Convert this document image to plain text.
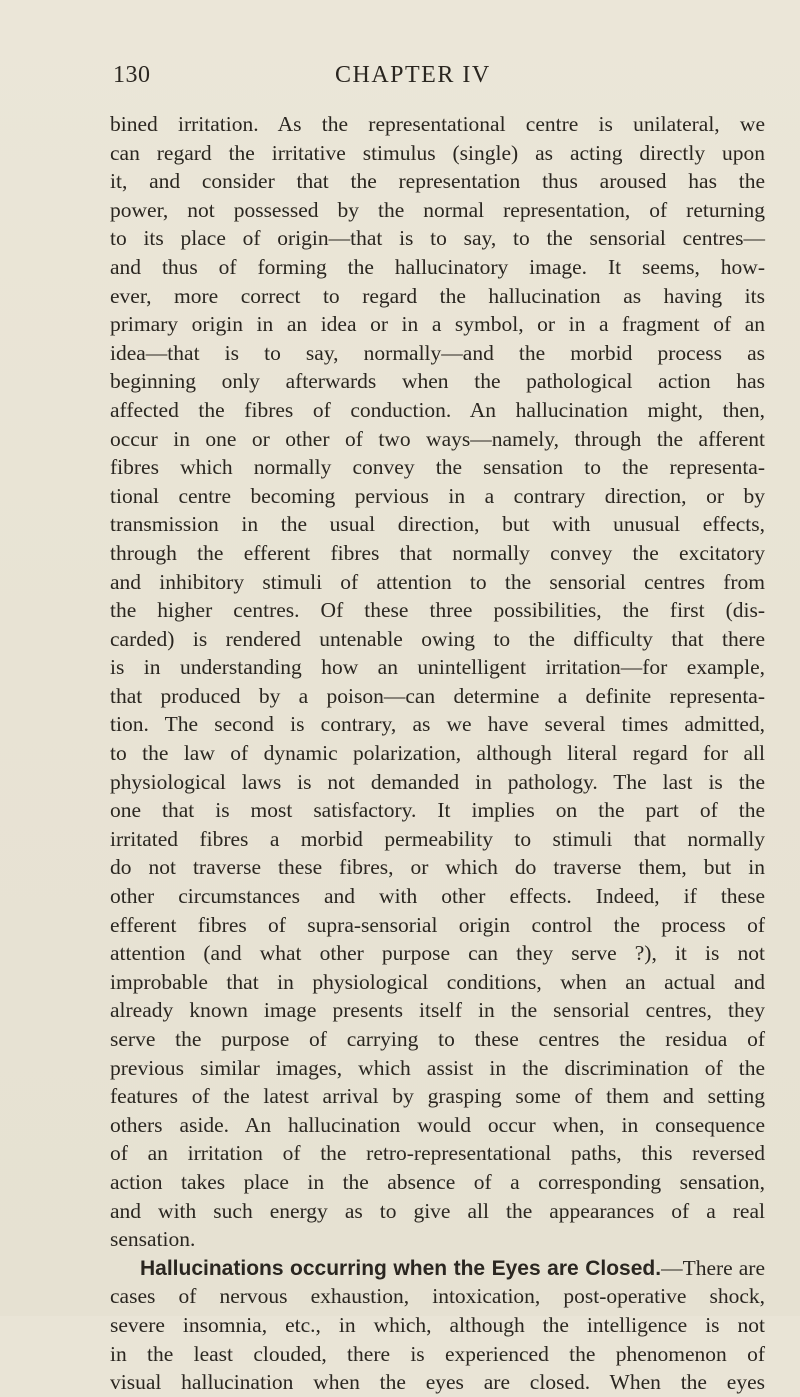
130	CHAPTER IV
bined irritation. As the representational centre is unilateral, we
can regard the irritative stimulus (single) as acting directly upon
it, and consider that the representation thus aroused has the
power, not possessed by the normal representation, of returning
to its place of origin—that is to say, to the sensorial centres—
and thus of forming the hallucinatory image. It seems, how-
ever, more correct to regard the hallucination as having its
primary origin in an idea or in a symbol, or in a fragment of an
idea—that is to say, normally—and the morbid process as
beginning only afterwards when the pathological action has
affected the fibres of conduction. An hallucination might, then,
occur in one or other of two ways—namely, through the afferent
fibres which normally convey the sensation to the representa-
tional centre becoming pervious in a contrary direction, or by
transmission in the usual direction, but with unusual effects,
through the efferent fibres that normally convey the excitatory
and inhibitory stimuli of attention to the sensorial centres from
the higher centres. Of these three possibilities, the first (dis-
carded) is rendered untenable owing to the difficulty that there
is in understanding how an unintelligent irritation—for example,
that produced by a poison—can determine a definite representa-
tion. The second is contrary, as we have several times admitted,
to the law of dynamic polarization, although literal regard for all
physiological laws is not demanded in pathology. The last is the
one that is most satisfactory. It implies on the part of the
irritated fibres a morbid permeability to stimuli that normally
do not traverse these fibres, or which do traverse them, but in
other circumstances and with other effects. Indeed, if these
efferent fibres of supra-sensorial origin control the process of
attention (and what other purpose can they serve ?), it is not
improbable that in physiological conditions, when an actual and
already known image presents itself in the sensorial centres, they
serve the purpose of carrying to these centres the residua of
previous similar images, which assist in the discrimination of the
features of the latest arrival by grasping some of them and setting
others aside. An hallucination would occur when, in consequence
of an irritation of the retro-representational paths, this reversed
action takes place in the absence of a corresponding sensation,
and with such energy as to give all the appearances of a real
sensation.
Hallucinations occurring when the Eyes are Closed.—There are
cases of nervous exhaustion, intoxication, post-operative shock,
severe insomnia, etc., in which, although the intelligence is not
in the least clouded, there is experienced the phenomenon of
visual hallucination when the eyes are closed. When the eyes
